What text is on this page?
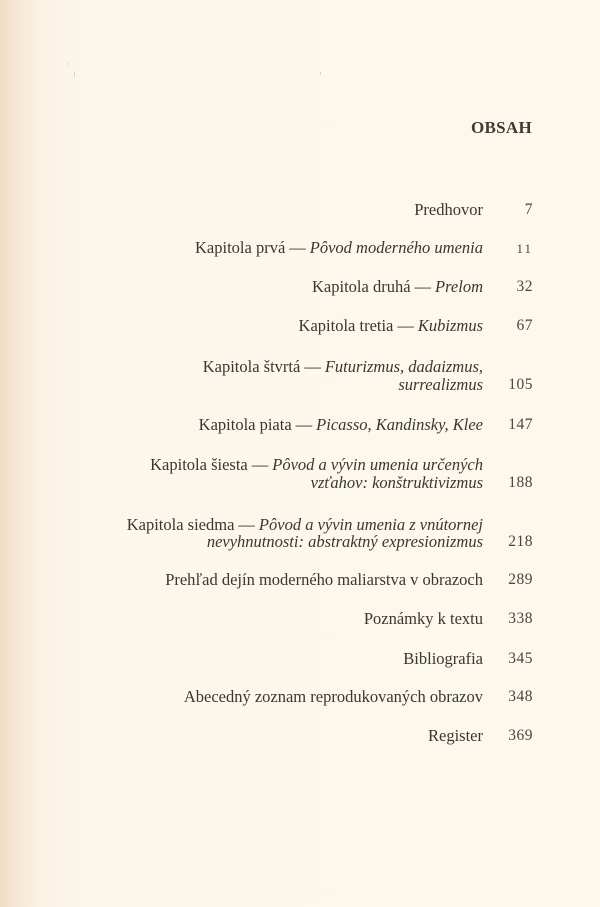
OBSAH
Predhovor	7
Kapitola prvá — Pôvod moderného umenia	11
Kapitola druhá — Prelom 32
Kapitola tretia — Kubizmus 67
Kapitola štvrtá — Futurizmus, dadaizmus,
surrealizmus 105
Kapitola piata — Picasso, Kandinsky, Klee 147
Kapitola šiesta — Pôvod a vývin umenia určených
vzťahov: konštruktivizmus 188
Kapitola siedma — Pôvod a vývin umenia z vnútornej
nevyhnutnosti: abstraktný expresionizmus 218
Prehľad dejín moderného maliarstva v obrazoch 289
Poznámky k textu 338
Bibliografia 345
Abecedný zoznam reprodukovaných obrazov 348
Register 369
